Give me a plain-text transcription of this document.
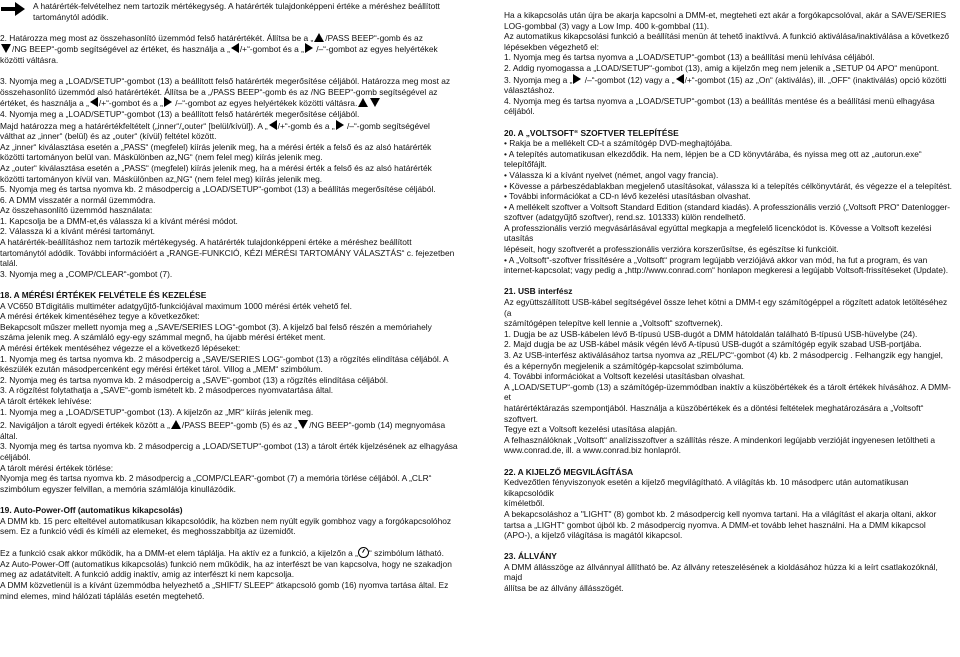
A határérték-felvételhez nem tartozik mértékegység. A határérték tulajdonképpeni értéke a méréshez beállított

tartománytól adódik.

2. Határozza meg most az összehasonlító üzemmód felső határértékét. Állítsa be a „ /PASS BEEP“-gomb és az

/NG BEEP“-gomb segítségével az értéket, és használja a „ /+“-gombot és a „ /–“-gombot az egyes helyértékek

közötti váltásra.

3. Nyomja meg a „LOAD/SETUP“-gombot (13) a beállított felső határérték megerősítése céljából. Határozza meg most az

összehasonlító üzemmód alsó határértékét. Állítsa be a „/PASS BEEP“-gomb és az /NG BEEP“-gomb segítségével az

értéket, és használja a „ /+“-gombot és a „ /–“-gombot az egyes helyértékek közötti váltásra.

4. Nyomja meg a „LOAD/SETUP“-gombot (13) a beállított felső határérték megerősítése céljából.

Majd határozza meg a határértékfeltételt („inner“/„outer“ [belül/kívül]). A „ /+“-gomb és a „ /–“-gomb segítségével

válthat az „inner“ (belül) és az „outer“ (kívül) feltétel között.

Az „inner“ kiválasztása esetén a „PASS“ (megfelel) kiírás jelenik meg, ha a mérési érték a felső és az alsó határérték

közötti tartományon belül van. Máskülönben az„NG“ (nem felel meg) kiírás jelenik meg.

Az „outer“ kiválasztása esetén a „PASS“ (megfelel) kiírás jelenik meg, ha a mérési érték a felső és az alsó határérték

közötti tartományon kívül van. Máskülönben az„NG“ (nem felel meg) kiírás jelenik meg.

5. Nyomja meg és tartsa nyomva kb. 2 másodpercig a „LOAD/SETUP“-gombot (13) a beállítás megerősítése céljából.

6. A DMM visszatér a normál üzemmódra.

Az összehasonlító üzemmód használata:

1. Kapcsolja be a DMM-et,és válassza ki a kívánt mérési módot.

2. Válassza ki a kívánt mérési tartományt.

A határérték-beállításhoz nem tartozik mértékegység. A határérték tulajdonképpeni értéke a méréshez beállított

tartománytól adódik. További információért a „RANGE-FUNKCIÓ, KÉZI MÉRÉSI TARTOMÁNY VÁLASZTÁS“ c. fejezetben

talál.

3. Nyomja meg a „COMP/CLEAR“-gombot (7).

18. A MÉRÉSI ÉRTÉKEK FELVÉTELE ÉS KEZELÉSE

A VC650 BTdigitális multiméter adatgyűjtő-funkciójával maximum 1000 mérési érték vehető fel.

A mérési értékek kimentéséhez tegye a következőket:

Bekapcsolt műszer mellett nyomja meg a „SAVE/SERIES LOG“-gombot (3). A kijelző bal felső részén a memóriahely

száma jelenik meg. A számláló egy-egy számmal megnő, ha újabb mérési értéket ment.

A mérési értékek mentéséhez végezze el a következő lépéseket:

1. Nyomja meg és tartsa nyomva kb. 2 másodpercig a „SAVE/SERIES LOG“-gombot (13) a rögzítés elindítása céljából. A

készülék ezután másodpercenként egy mérési értéket tárol. Villog a „MEM“ szimbólum.

2. Nyomja meg és tartsa nyomva kb. 2 másodpercig a „SAVE“-gombot (13) a rögzítés elindítása céljából.

3. A rögzítést folytathatja a „SAVE“-gomb ismételt kb. 2 másodperces nyomvatartása által.

A tárolt értékek lehívése:

1. Nyomja meg a „LOAD/SETUP“-gombot (13). A kijelzőn az „MR“ kiírás jelenik meg.

2. Navigáljon a tárolt egyedi értékek között a „ /PASS BEEP“-gomb (5) és az „ /NG BEEP“-gomb (14) megnyomása

által.

3. Nyomja meg és tartsa nyomva kb. 2 másodpercig a „LOAD/SETUP“-gombot (13) a tárolt érték kijelzésének az elhagyása céljából.

A tárolt mérési értékek törlése:

Nyomja meg és tartsa nyomva kb. 2 másodpercig a „COMP/CLEAR“-gombot (7) a memória törlése céljából. A „CLR“

szimbólum egyszer felvillan, a memória számlálója kinullázódik.

19. Auto-Power-Off (automatikus kikapcsolás)

A DMM kb. 15 perc elteltével automatikusan kikapcsolódik, ha közben nem nyúlt egyik gombhoz vagy a forgókapcsolóhoz

sem. Ez a funkció védi és kíméli az elemeket, és meghosszabbítja az üzemidőt.

Ez a funkció csak akkor működik, ha a DMM-et elem táplálja. Ha aktív ez a funkció, a kijelzőn a „ “ szimbólum látható.

Az Auto-Power-Off (automatikus kikapcsolás) funkció nem működik, ha az interfészt be van kapcsolva, hogy ne szakadjon

meg az adatátvitelt. A funkció addig inaktív, amig az interfészt ki nem kapcsolja.

A DMM közvetlenül is a kívánt üzemmódba helyezhető a „SHIFT/ SLEEP“ átkapcsoló gomb (16) nyomva tartása által. Ez

mind elemes, mind hálózati táplálás esetén megtehető.

Ha a kikapcsolás után újra be akarja kapcsolni a DMM-et, megteheti ezt akár a forgókapcsolóval, akár a SAVE/SERIES

LOG-gombbal (3) vagy a Low Imp. 400 k-gombbal (11).

Az automatikus kikapcsolási funkció a beállítási menün át tehető inaktívvá. A funkció aktiválása/inaktiválása a következő

lépésekben végezhető el:

1. Nyomja meg és tartsa nyomva a „LOAD/SETUP“-gombot (13) a beállítási menü lehívása céljából.

2. Addig nyomogassa a „LOAD/SETUP“-gombot (13), amig a kijelzőn meg nem jelenik a „SETUP 04 APO“ menüpont.

3. Nyomja meg a „ /–“-gombot (12) vagy a „ /+“-gombot (15) az „On“ (aktiválás), ill. „OFF“ (inaktiválás) opció közötti

választáshoz.

4. Nyomja meg és tartsa nyomva a „LOAD/SETUP“-gombot (13) a beállítás mentése és a beállítási menü elhagyása

céljából.

20. A „VOLTSOFT“ SZOFTVER TELEPÍTÉSE

• Rakja be a mellékelt CD-t a számítógép DVD-meghajtójába.

• A telepítés automatikusan elkezdődik. Ha nem, lépjen be a CD könyvtárába, és nyissa meg ott az „autorun.exe“

telepítőfájlt.

• Válassza ki a kívánt nyelvet (német, angol vagy francia).

• Kövesse a párbeszédablakban megjelenő utasításokat, válassza ki a telepítés célkönyvtárát, és végezze el a telepítést.

• További információkat a CD-n lévő kezelési utasításban olvashat.

• A mellékelt szoftver a Voltsoft Standard Edition (standard kiadás). A professzionális verzió („Voltsoft PRO“ Datenlogger-

szoftver (adatgyűjtő szoftver), rend.sz. 101333) külön rendelhető.

A professzionális verzió megvásárlásával egyúttal megkapja a megfelelő licenckódot is. Kövesse a Voltsoft kezelési utasítás

lépéseit, hogy szoftverét a professzionális verzióra korszerűsítse, és egészítse ki funkcióit.

• A „Voltsoft“-szoftver frissítésére a „Voltsoft“ program legújabb verziójává akkor van mód, ha fut a program, és van

internet-kapcsolat; vagy pedig a „http://www.conrad.com“ honlapon megkeresi a legújabb Voltsoft-frissítéseket (Update).

21. USB interfész

Az együttszállított USB-kábel segítségével össze lehet kötni a DMM-t egy számítógéppel a rögzített adatok letöltéséhez (a

számítógépen telepítve kell lennie a „Voltsoft“ szoftvernek).

1. Dugja be az USB-kábelen lévő B-típusú USB-dugót a DMM hátoldalán található B-típusú USB-hüvelybe (24).

2. Majd dugja be az USB-kábel másik végén lévő A-típusú USB-dugót a számítógép egyik szabad USB-portjába.

3. Az USB-interfész aktiválásához tartsa nyomva az „REL/PC“-gombot (4) kb. 2 másodpercig . Felhangzik egy hangjel,

és a képernyőn megjelenik a számítógép-kapcsolat szimbóluma.

4. További információkat a Voltsoft kezelési utasításban olvashat.

A „LOAD/SETUP“-gomb (13) a számítógép-üzemmódban inaktív a küszöbértékek és a tárolt értékek hívásához. A DMM-et

határértéktárazás szempontjából. Használja a küszöbértékek és a döntési feltételek meghatározására a „Voltsoft“ szoftvert.

Tegye ezt a Voltsoft kezelési utasítása alapján.

A felhasználóknak „Voltsoft“ analízisszoftver a szállítás része. A mindenkori legújabb verzióját ingyenesen letöltheti a

www.conrad.de, ill. a www.conrad.biz honlapról.

22. A KIJELZŐ MEGVILÁGÍTÁSA

Kedvezőtlen fényviszonyok esetén a kijelző megvilágítható. A világítás kb. 10 másodperc után automatikusan kikapcsolódik

kíméletből.

A bekapcsoláshoz a "LIGHT" (8) gombot kb. 2 másodpercig kell nyomva tartani. Ha a világítást el akarja oltani, akkor

tartsa a „LIGHT“ gombot újból kb. 2 másodpercig nyomva. A DMM-et tovább lehet használni. Ha a DMM kikapcsol

(APO-), a kijelző világítása is magától kikapcsol.

23. ÁLLVÁNY

A DMM állásszöge az állvánnyal állítható be. Az állvány reteszelésének a kioldásához húzza ki a leírt csatlakozóknál, majd

állítsa be az állvány állásszögét.
